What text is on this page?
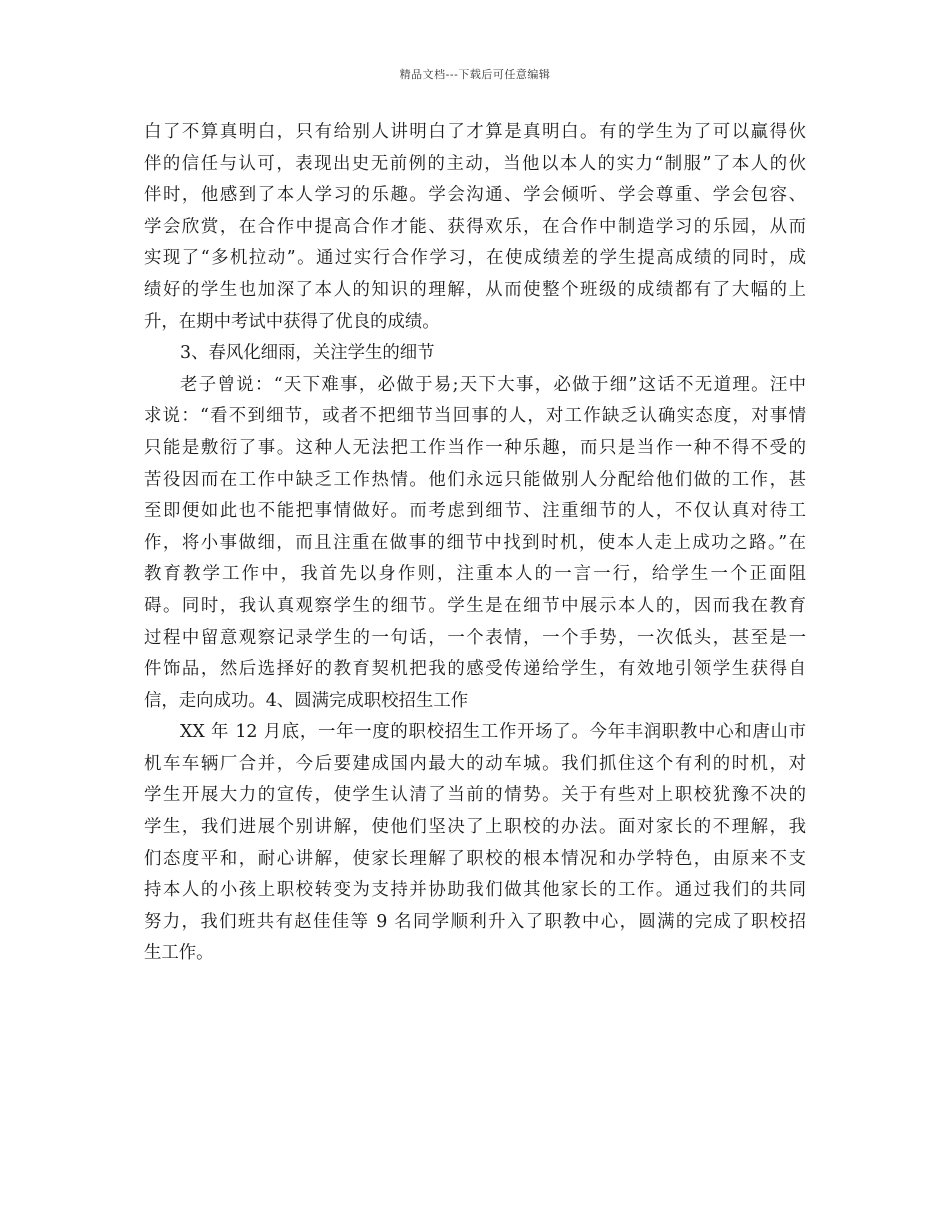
精品文档---下载后可任意编辑
白了不算真明白，只有给别人讲明白了才算是真明白。有的学生为了可以赢得伙
伴的信任与认可，表现出史无前例的主动，当他以本人的实力“制服”了本人的伙
伴时，他感到了本人学习的乐趣。学会沟通、学会倾听、学会尊重、学会包容、
学会欣赏，在合作中提高合作才能、获得欢乐，在合作中制造学习的乐园，从而
实现了“多机拉动”。通过实行合作学习，在使成绩差的学生提高成绩的同时，成
绩好的学生也加深了本人的知识的理解，从而使整个班级的成绩都有了大幅的上
升，在期中考试中获得了优良的成绩。
3、春风化细雨，关注学生的细节
老子曾说：“天下难事，必做于易;天下大事，必做于细”这话不无道理。汪中
求说：“看不到细节，或者不把细节当回事的人，对工作缺乏认确实态度，对事情
只能是敷衍了事。这种人无法把工作当作一种乐趣，而只是当作一种不得不受的
苦役因而在工作中缺乏工作热情。他们永远只能做别人分配给他们做的工作，甚
至即便如此也不能把事情做好。而考虑到细节、注重细节的人，不仅认真对待工
作，将小事做细，而且注重在做事的细节中找到时机，使本人走上成功之路。”在
教育教学工作中，我首先以身作则，注重本人的一言一行，给学生一个正面阻
碍。同时，我认真观察学生的细节。学生是在细节中展示本人的，因而我在教育
过程中留意观察记录学生的一句话，一个表情，一个手势，一次低头，甚至是一
件饰品，然后选择好的教育契机把我的感受传递给学生，有效地引领学生获得自
信，走向成功。4、圆满完成职校招生工作
XX 年 12 月底，一年一度的职校招生工作开场了。今年丰润职教中心和唐山市
机车车辆厂合并，今后要建成国内最大的动车城。我们抓住这个有利的时机，对
学生开展大力的宣传，使学生认清了当前的情势。关于有些对上职校犹豫不决的
学生，我们进展个别讲解，使他们坚决了上职校的办法。面对家长的不理解，我
们态度平和，耐心讲解，使家长理解了职校的根本情况和办学特色，由原来不支
持本人的小孩上职校转变为支持并协助我们做其他家长的工作。通过我们的共同
努力，我们班共有赵佳佳等 9 名同学顺利升入了职教中心，圆满的完成了职校招
生工作。
